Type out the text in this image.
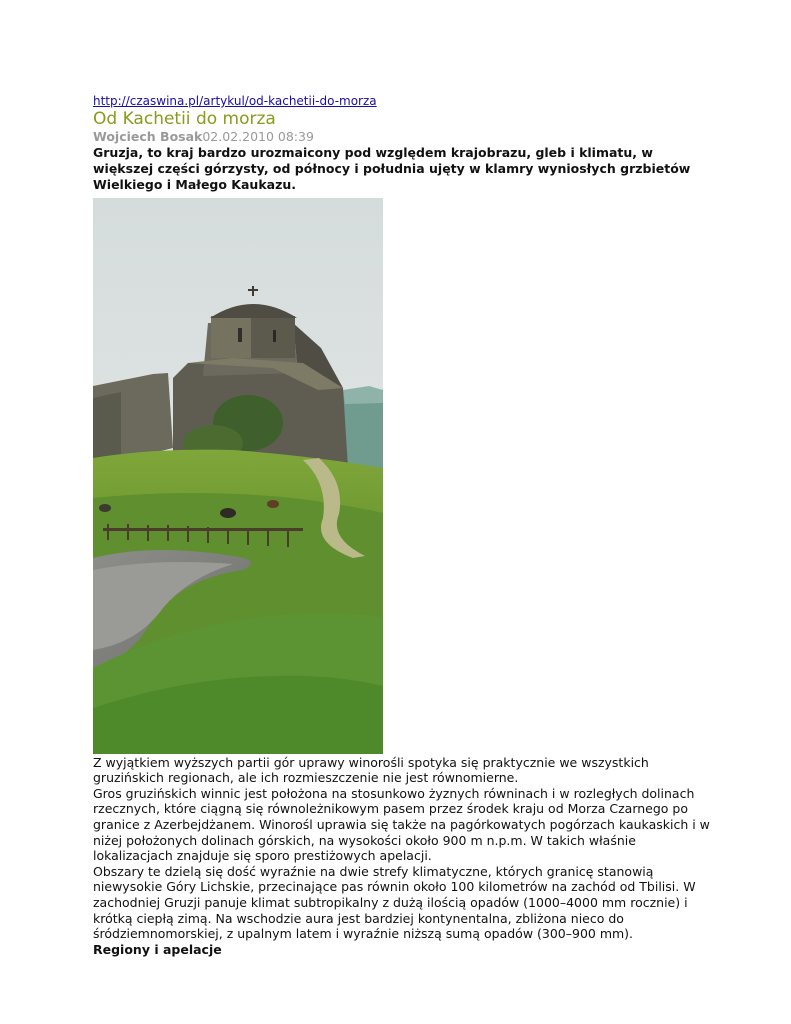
http://czaswina.pl/artykul/od-kachetii-do-morza
Od Kachetii do morza
Wojciech Bosak02.02.2010 08:39

Gruzja, to kraj bardzo urozmaicony pod względem krajobrazu, gleb i klimatu, w większej części górzysty, od północy i południa ujęty w klamry wyniosłych grzbietów Wielkiego i Małego Kaukazu.

Z wyjątkiem wyższych partii gór uprawy winorośli spotyka się praktycznie we wszystkich gruzińskich regionach, ale ich rozmieszczenie nie jest równomierne.

Gros gruzińskich winnic jest położona na stosunkowo żyznych równinach i w rozległych dolinach rzecznych, które ciągną się równoleżnikowym pasem przez środek kraju od Morza Czarnego po granice z Azerbejdżanem. Winorośl uprawia się także na pagórkowatych pogórzach kaukaskich i w niżej położonych dolinach górskich, na wysokości około 900 m n.p.m. W takich właśnie lokalizacjach znajduje się sporo prestiżowych apelacji.

Obszary te dzielą się dość wyraźnie na dwie strefy klimatyczne, których granicę stanowią niewysokie Góry Lichskie, przecinające pas równin około 100 kilometrów na zachód od Tbilisi. W zachodniej Gruzji panuje klimat subtropikalny z dużą ilością opadów (1000–4000 mm rocznie) i krótką ciepłą zimą. Na wschodzie aura jest bardziej kontynentalna, zbliżona nieco do śródziemnomorskiej, z upalnym latem i wyraźnie niższą sumą opadów (300–900 mm).

Regiony i apelacje
